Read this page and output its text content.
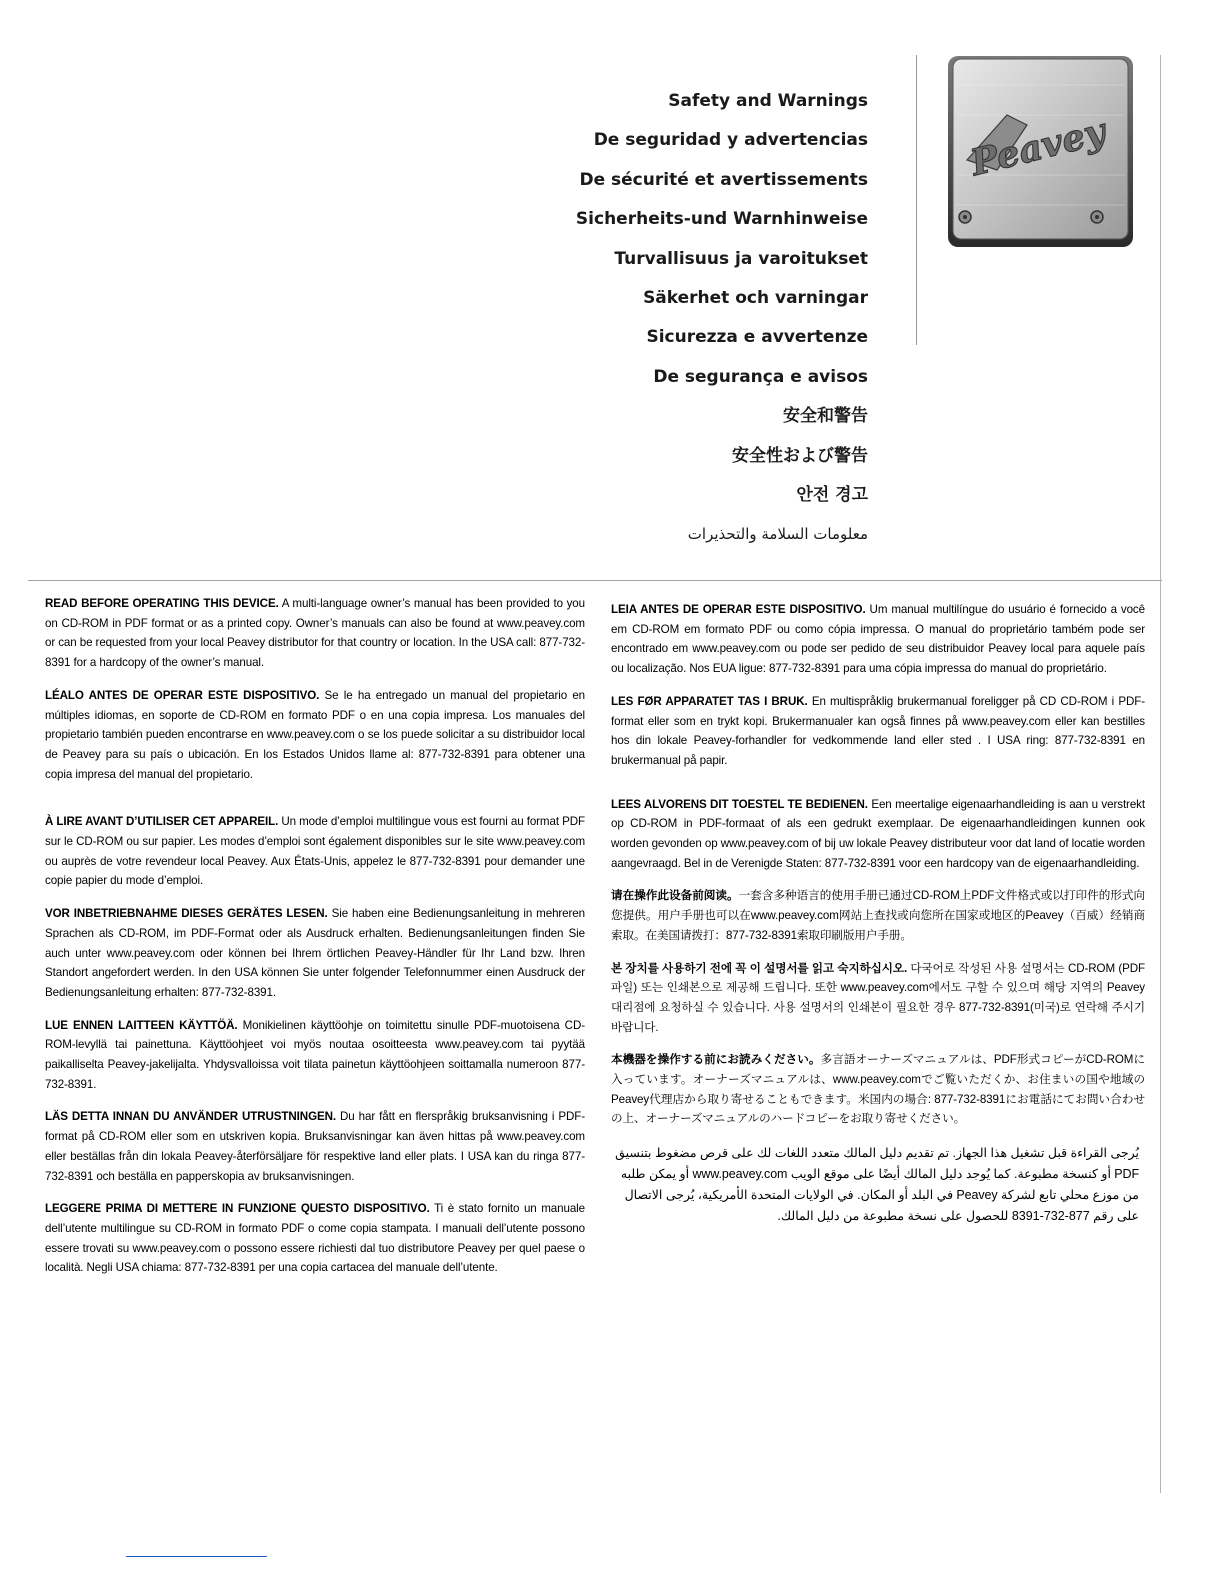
Safety and Warnings
De seguridad y advertencias
De sécurité et avertissements
Sicherheits-und Warnhinweise
Turvallisuus ja varoitukset
Säkerhet och varningar
Sicurezza e avvertenze
De segurança e avisos
安全和警告
安全性および警告
안전 경고
معلومات السلامة والتحذيرات
Peavey

READ BEFORE OPERATING THIS DEVICE. A multi-language owner’s manual has been provided to you on CD-ROM in PDF format or as a printed copy. Owner’s manuals can also be found at www.peavey.com or can be requested from your local Peavey distributor for that country or location. In the USA call: 877-732-8391 for a hardcopy of the owner’s manual.

LÉALO ANTES DE OPERAR ESTE DISPOSITIVO. Se le ha entregado un manual del propietario en múltiples idiomas, en soporte de CD-ROM en formato PDF o en una copia impresa. Los manuales del propietario también pueden encontrarse en www.peavey.com o se los puede solicitar a su distribuidor local de Peavey para su país o ubicación. En los Estados Unidos llame al: 877-732-8391 para obtener una copia impresa del manual del propietario.

À LIRE AVANT D’UTILISER CET APPAREIL. Un mode d’emploi multilingue vous est fourni au format PDF sur le CD-ROM ou sur papier. Les modes d’emploi sont également disponibles sur le site www.peavey.com ou auprès de votre revendeur local Peavey. Aux États-Unis, appelez le 877-732-8391 pour demander une copie papier du mode d’emploi.

VOR INBETRIEBNAHME DIESES GERÄTES LESEN. Sie haben eine Bedienungsanleitung in mehreren Sprachen als CD-ROM, im PDF-Format oder als Ausdruck erhalten. Bedienungsanleitungen finden Sie auch unter www.peavey.com oder können bei Ihrem örtlichen Peavey-Händler für Ihr Land bzw. Ihren Standort angefordert werden. In den USA können Sie unter folgender Telefonnummer einen Ausdruck der Bedienungsanleitung erhalten: 877-732-8391.

LUE ENNEN LAITTEEN KÄYTTÖÄ. Monikielinen käyttöohje on toimitettu sinulle PDF-muotoisena CD-ROM-levyllä tai painettuna. Käyttöohjeet voi myös noutaa osoitteesta www.peavey.com tai pyytää paikalliselta Peavey-jakelijalta. Yhdysvalloissa voit tilata painetun käyttöohjeen soittamalla numeroon 877-732-8391.

LÄS DETTA INNAN DU ANVÄNDER UTRUSTNINGEN. Du har fått en flerspråkig bruksanvisning i PDF-format på CD-ROM eller som en utskriven kopia. Bruksanvisningar kan även hittas på www.peavey.com eller beställas från din lokala Peavey-återförsäljare för respektive land eller plats. I USA kan du ringa 877-732-8391 och beställa en papperskopia av bruksanvisningen.

LEGGERE PRIMA DI METTERE IN FUNZIONE QUESTO DISPOSITIVO. Ti è stato fornito un manuale dell’utente multilingue su CD-ROM in formato PDF o come copia stampata. I manuali dell’utente possono essere trovati su www.peavey.com o possono essere richiesti dal tuo distributore Peavey per quel paese o località. Negli USA chiama: 877-732-8391 per una copia cartacea del manuale dell’utente.

LEIA ANTES DE OPERAR ESTE DISPOSITIVO. Um manual multilíngue do usuário é fornecido a você em CD-ROM em formato PDF ou como cópia impressa. O manual do proprietário também pode ser encontrado em www.peavey.com ou pode ser pedido de seu distribuidor Peavey local para aquele país ou localização. Nos EUA ligue: 877-732-8391 para uma cópia impressa do manual do proprietário.

LES FØR APPARATET TAS I BRUK. En multispråklig brukermanual foreligger på CD CD-ROM i PDF-format eller som en trykt kopi. Brukermanualer kan også finnes på www.peavey.com eller kan bestilles hos din lokale Peavey-forhandler for vedkommende land eller sted . I USA ring: 877-732-8391 en brukermanual på papir.

LEES ALVORENS DIT TOESTEL TE BEDIENEN. Een meertalige eigenaarhandleiding is aan u verstrekt op CD-ROM in PDF-formaat of als een gedrukt exemplaar. De eigenaarhandleidingen kunnen ook worden gevonden op www.peavey.com of bij uw lokale Peavey distributeur voor dat land of locatie worden aangevraagd. Bel in de Verenigde Staten: 877-732-8391 voor een hardcopy van de eigenaarhandleiding.

请在操作此设备前阅读。一套含多种语言的使用手册已通过CD-ROM上PDF文件格式或以打印件的形式向您提供。用户手册也可以在www.peavey.com网站上查找或向您所在国家或地区的Peavey（百威）经销商索取。在美国请拨打：877-732-8391索取印刷版用户手册。

본 장치를 사용하기 전에 꼭 이 설명서를 읽고 숙지하십시오. 다국어로 작성된 사용 설명서는 CD-ROM (PDF 파일) 또는 인쇄본으로 제공해 드립니다. 또한 www.peavey.com에서도 구할 수 있으며 해당 지역의 Peavey 대리점에 요청하실 수 있습니다. 사용 설명서의 인쇄본이 필요한 경우 877-732-8391(미국)로 연락해 주시기 바랍니다.

本機器を操作する前にお読みください。多言語オーナーズマニュアルは、PDF形式コピーがCD-ROMに入っています。オーナーズマニュアルは、www.peavey.comでご覧いただくか、お住まいの国や地域のPeavey代理店から取り寄せることもできます。米国内の場合: 877-732-8391にお電話にてお問い合わせの上、オーナーズマニュアルのハードコピーをお取り寄せください。

يُرجى القراءة قبل تشغيل هذا الجهاز. تم تقديم دليل المالك متعدد اللغات لك على قرص مضغوط بتنسيق PDF أو كنسخة مطبوعة. كما يُوجد دليل المالك أيضًا على موقع الويب www.peavey.com أو يمكن طلبه من موزع محلي تابع لشركة Peavey في البلد أو المكان. في الولايات المتحدة الأمريكية، يُرجى الاتصال على رقم 877-732-8391 للحصول على نسخة مطبوعة من دليل المالك.
